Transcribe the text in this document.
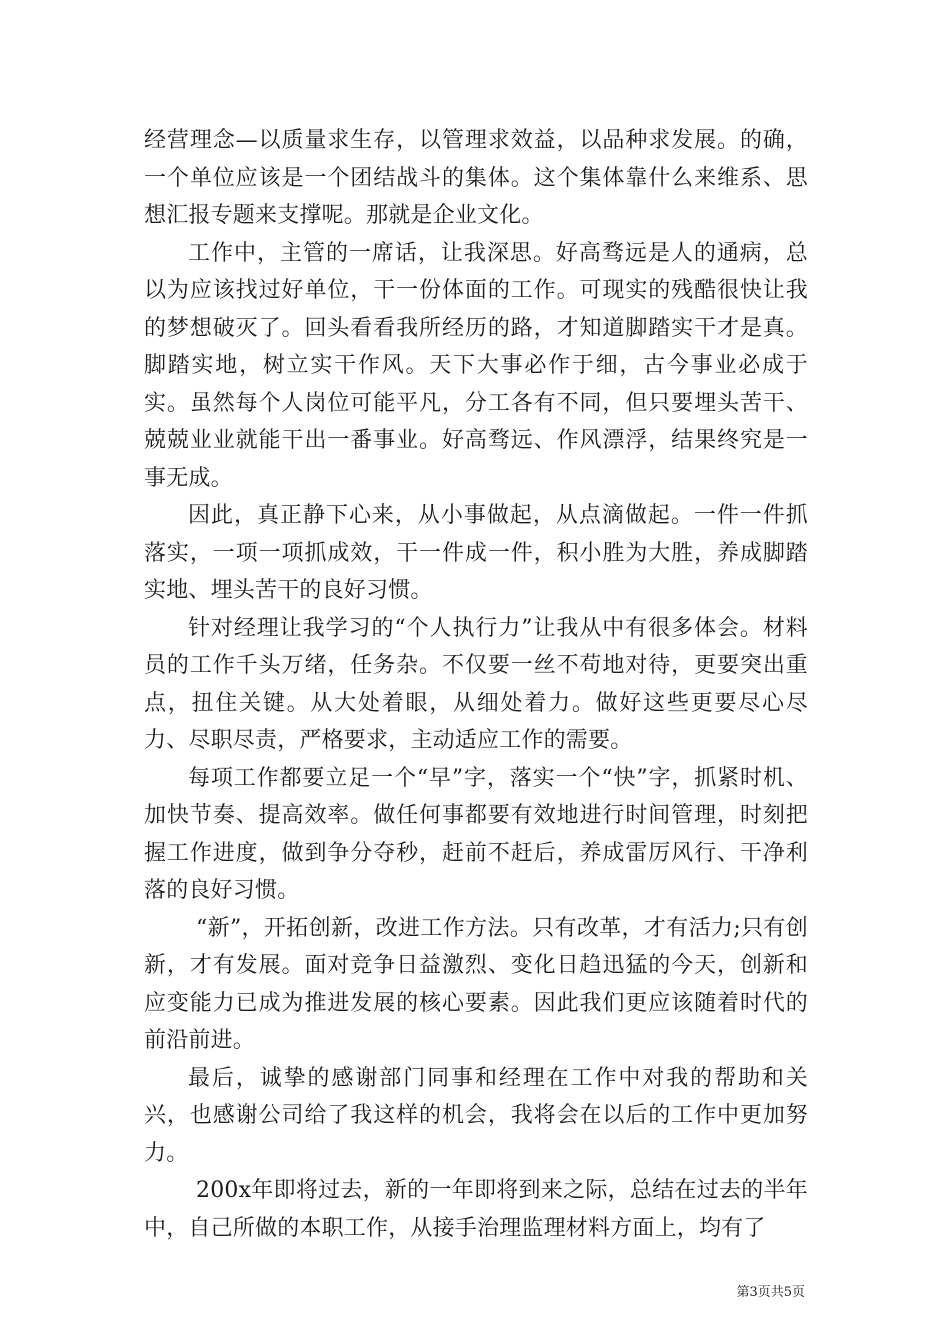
经营理念—以质量求生存，以管理求效益，以品种求发展。的确，一个单位应该是一个团结战斗的集体。这个集体靠什么来维系、思想汇报专题来支撑呢。那就是企业文化。

工作中，主管的一席话，让我深思。好高骛远是人的通病，总以为应该找过好单位，干一份体面的工作。可现实的残酷很快让我的梦想破灭了。回头看看我所经历的路，才知道脚踏实干才是真。脚踏实地，树立实干作风。天下大事必作于细，古今事业必成于实。虽然每个人岗位可能平凡，分工各有不同，但只要埋头苦干、兢兢业业就能干出一番事业。好高骛远、作风漂浮，结果终究是一事无成。

因此，真正静下心来，从小事做起，从点滴做起。一件一件抓落实，一项一项抓成效，干一件成一件，积小胜为大胜，养成脚踏实地、埋头苦干的良好习惯。

针对经理让我学习的“个人执行力”让我从中有很多体会。材料员的工作千头万绪，任务杂。不仅要一丝不苟地对待，更要突出重点，扭住关键。从大处着眼，从细处着力。做好这些更要尽心尽力、尽职尽责，严格要求，主动适应工作的需要。

每项工作都要立足一个“早”字，落实一个“快”字，抓紧时机、加快节奏、提高效率。做任何事都要有效地进行时间管理，时刻把握工作进度，做到争分夺秒，赶前不赶后，养成雷厉风行、干净利落的良好习惯。

“新”，开拓创新，改进工作方法。只有改革，才有活力;只有创新，才有发展。面对竞争日益激烈、变化日趋迅猛的今天，创新和应变能力已成为推进发展的核心要素。因此我们更应该随着时代的前沿前进。

最后，诚挚的感谢部门同事和经理在工作中对我的帮助和关兴，也感谢公司给了我这样的机会，我将会在以后的工作中更加努力。

200x年即将过去，新的一年即将到来之际，总结在过去的半年中，自己所做的本职工作，从接手治理监理材料方面上，均有了

第3页共5页
